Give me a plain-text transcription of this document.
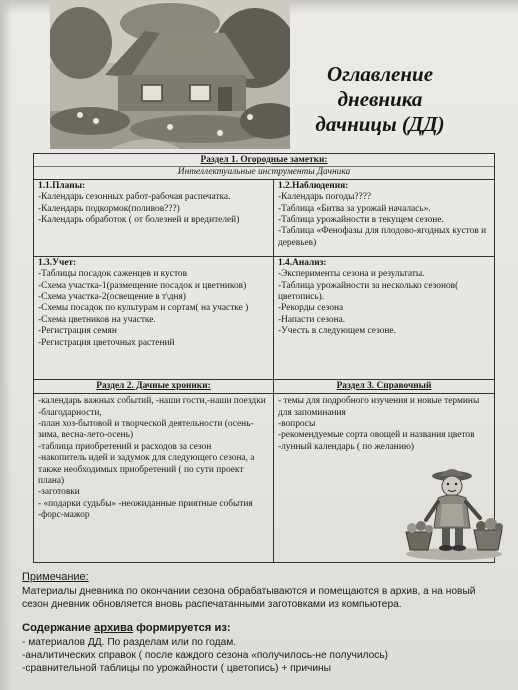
Оглавление
дневника
дачницы (ДД)
Раздел 1. Огородные заметки:
Интеллектуальные инструменты Дачника
1.1.Планы:
-Календарь сезонных работ-рабочая распечатка.
-Календарь подкормок(поливов???)
-Календарь обработок ( от болезней и вредителей)
1.2.Наблюдения:
-Календарь погоды????
-Таблица «Битва за урожай началась».
-Таблица урожайности в текущем сезоне.
-Таблица «Фенофазы для плодово-ягодных кустов и деревьев)
1.3.Учет:
-Таблицы посадок саженцев и кустов
-Схема участка-1(размещение посадок и цветников)
-Схема участка-2(освещение в т\дня)
-Схемы посадок по культурам и сортам( на участке )
-Схема цветников на участке.
-Регистрация семян
-Регистрация цветочных растений
1.4.Анализ:
-Эксперименты сезона и результаты.
-Таблица урожайности за несколько сезонов( цветопись).
-Рекорды сезона
-Напасти сезона.
-Учесть в следующем сезоне.
Раздел 2. Дачные хроники:
-календарь важных событий, -наши гости,-наши поездки
-благодарности,
-план хоз-бытовой и творческой деятельности (осень-зима, весна-лето-осень)
-таблица приобретений и расходов за сезон
-накопитель идей и задумок для следующего сезона, а также необходимых приобретений ( по сути проект плана)
-заготовки
- «подарки судьбы» -неожиданные приятные события
-форс-мажор
Раздел 3. Справочный
- темы для подробного изучения и новые термины для запоминания
-вопросы
-рекомендуемые сорта овощей и названия цветов
-лунный календарь ( по желанию)
Примечание:
Материалы дневника по окончании сезона обрабатываются и помещаются в архив, а на новый сезон дневник обновляется вновь распечатанными заготовками из компьютера.
Содержание архива формируется из:
- материалов ДД. По разделам или по годам.
-аналитических справок ( после каждого сезона «получилось-не получилось)
-сравнительной таблицы по урожайности ( цветопись) + причины
